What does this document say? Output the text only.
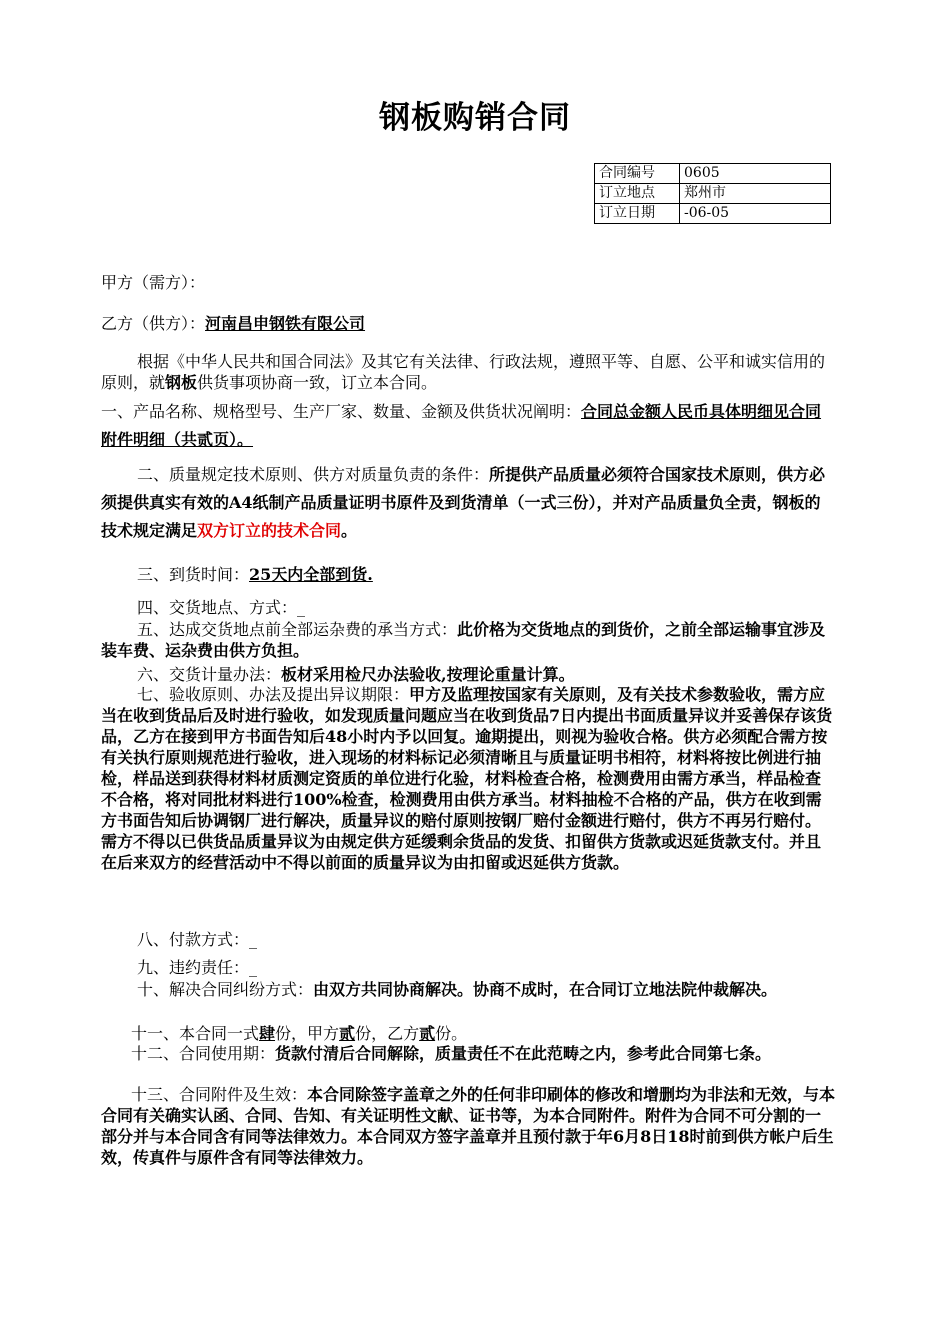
钢板购销合同
合同编号	0605
订立地点	郑州市
订立日期	-06-05
甲方（需方）：
乙方（供方）：河南昌申钢铁有限公司
根据《中华人民共和国合同法》及其它有关法律、行政法规，遵照平等、自愿、公平和诚实信用的原则，就钢板供货事项协商一致，订立本合同。
一、产品名称、规格型号、生产厂家、数量、金额及供货状况阐明：合同总金额人民币具体明细见合同附件明细（共贰页）。
二、质量规定技术原则、供方对质量负责的条件：所提供产品质量必须符合国家技术原则，供方必须提供真实有效的A4纸制产品质量证明书原件及到货清单（一式三份），并对产品质量负全责，钢板的技术规定满足双方订立的技术合同。
三、到货时间：25天内全部到货.
四、交货地点、方式：_
五、达成交货地点前全部运杂费的承当方式：此价格为交货地点的到货价，之前全部运输事宜涉及装车费、运杂费由供方负担。
六、交货计量办法：板材采用检尺办法验收,按理论重量计算。
七、验收原则、办法及提出异议期限：甲方及监理按国家有关原则，及有关技术参数验收，需方应当在收到货品后及时进行验收，如发现质量问题应当在收到货品7日内提出书面质量异议并妥善保存该货品，乙方在接到甲方书面告知后48小时内予以回复。逾期提出，则视为验收合格。供方必须配合需方按有关执行原则规范进行验收，进入现场的材料标记必须清晰且与质量证明书相符，材料将按比例进行抽检，样品送到获得材料材质测定资质的单位进行化验，材料检查合格，检测费用由需方承当，样品检查不合格，将对同批材料进行100%检查，检测费用由供方承当。材料抽检不合格的产品，供方在收到需方书面告知后协调钢厂进行解决，质量异议的赔付原则按钢厂赔付金额进行赔付，供方不再另行赔付。需方不得以已供货品质量异议为由规定供方延缓剩余货品的发货、扣留供方货款或迟延货款支付。并且在后来双方的经营活动中不得以前面的质量异议为由扣留或迟延供方货款。
八、付款方式：_
九、违约责任：_
十、解决合同纠纷方式：由双方共同协商解决。协商不成时，在合同订立地法院仲裁解决。
十一、本合同一式肆份，甲方贰份，乙方贰份。
十二、合同使用期：货款付清后合同解除，质量责任不在此范畴之内，参考此合同第七条。
十三、合同附件及生效：本合同除签字盖章之外的任何非印刷体的修改和增删均为非法和无效，与本合同有关确实认函、合同、告知、有关证明性文献、证书等，为本合同附件。附件为合同不可分割的一部分并与本合同含有同等法律效力。本合同双方签字盖章并且预付款于年6月8日18时前到供方帐户后生效，传真件与原件含有同等法律效力。
